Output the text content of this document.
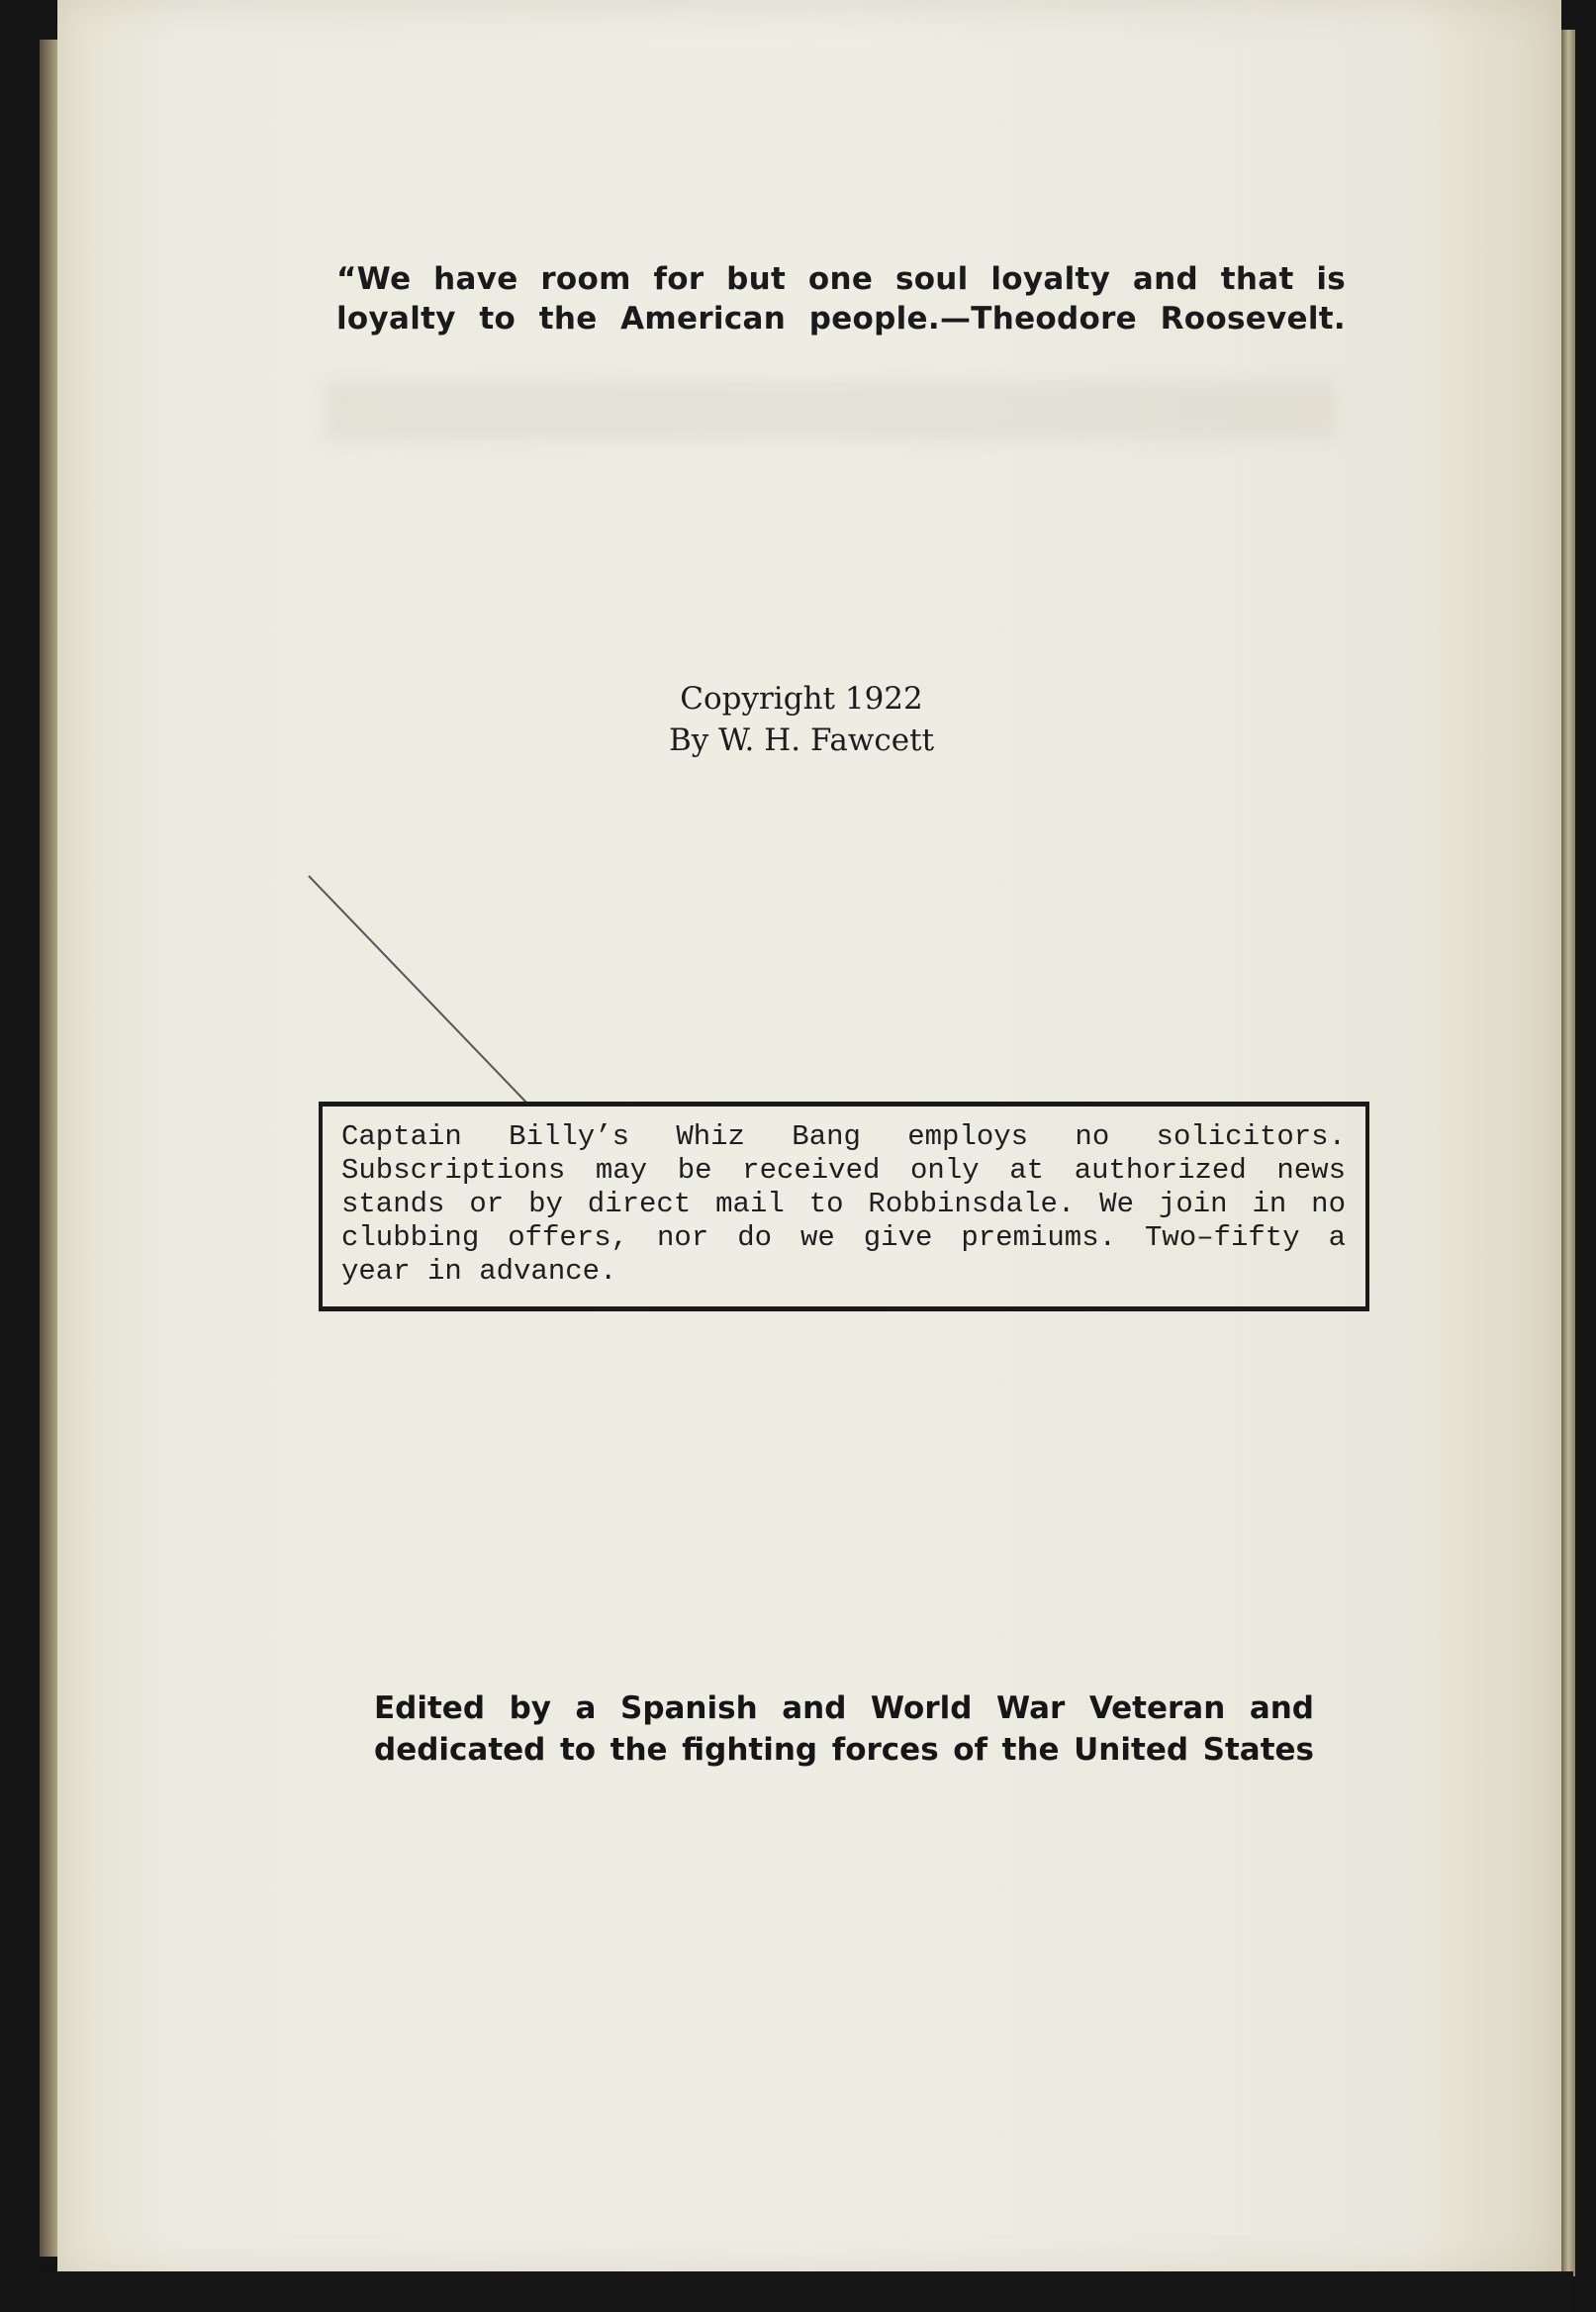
“We have room for but one soul loyalty and that is
loyalty to the American people.—Theodore Roosevelt.
Copyright 1922
By W. H. Fawcett
Captain Billy’s Whiz Bang employs no solicitors.
Subscriptions may be received only at authorized news
stands or by direct mail to Robbinsdale. We join in no
clubbing offers, nor do we give premiums. Two–fifty a
year in advance.
Edited by a Spanish and World War Veteran and
dedicated to the fighting forces of the United States
